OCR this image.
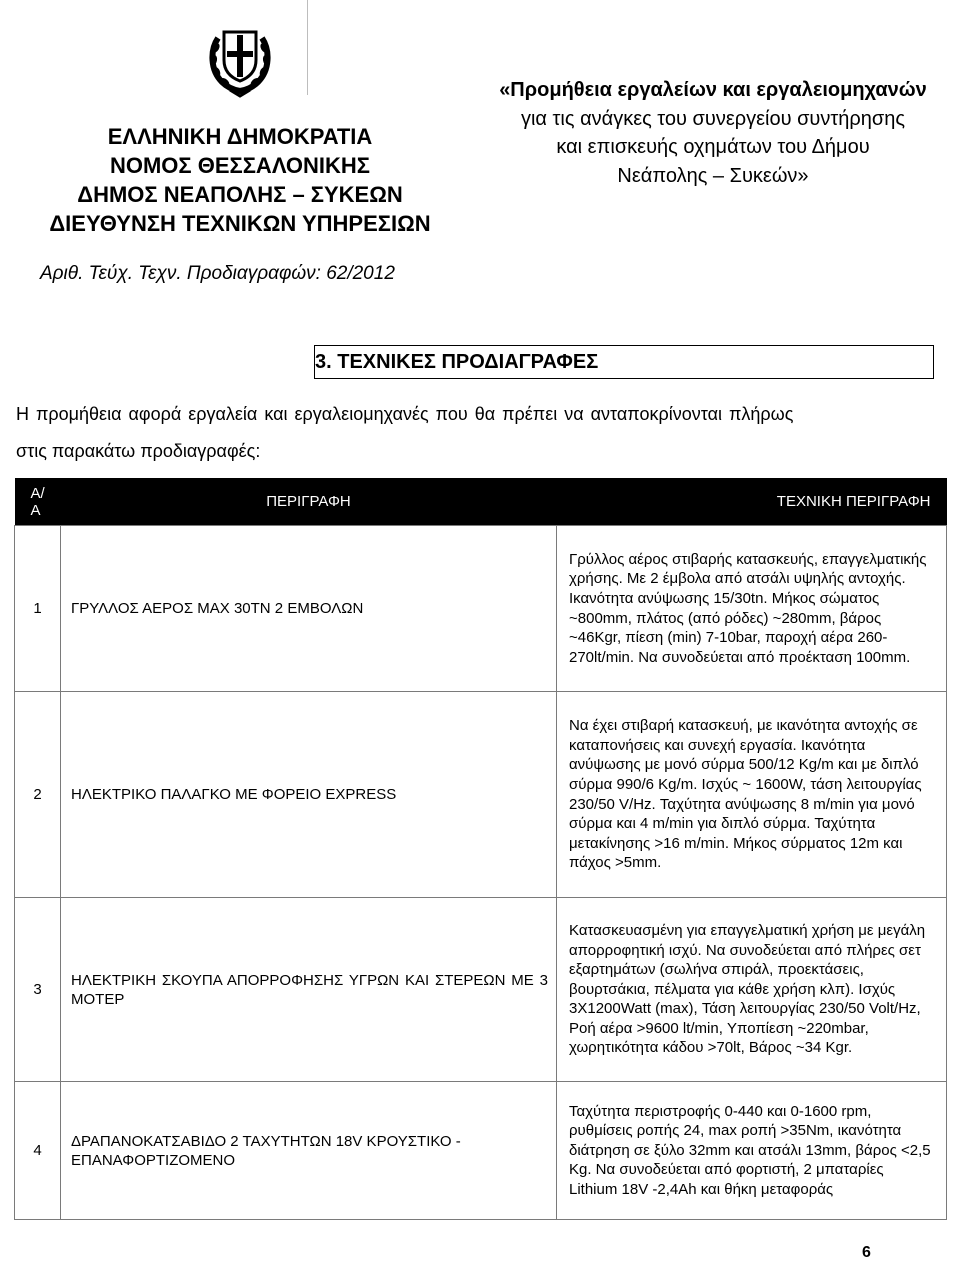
ΕΛΛΗΝΙΚΗ ΔΗΜΟΚΡΑΤΙΑ
ΝΟΜΟΣ ΘΕΣΣΑΛΟΝΙΚΗΣ
ΔΗΜΟΣ ΝΕΑΠΟΛΗΣ – ΣΥΚΕΩΝ
ΔΙΕΥΘΥΝΣΗ ΤΕΧΝΙΚΩΝ ΥΠΗΡΕΣΙΩΝ
«Προμήθεια εργαλείων και εργαλειομηχανών
για τις ανάγκες του συνεργείου συντήρησης
και επισκευής οχημάτων του Δήμου
Νεάπολης – Συκεών»
Αριθ. Τεύχ. Τεχν. Προδιαγραφών: 62/2012
3. ΤΕΧΝΙΚΕΣ ΠΡΟΔΙΑΓΡΑΦΕΣ
Η προμήθεια αφορά εργαλεία και εργαλειομηχανές που θα πρέπει να ανταποκρίνονται πλήρως
στις παρακάτω προδιαγραφές:
Α/Α	ΠΕΡΙΓΡΑΦΗ	ΤΕΧΝΙΚΗ ΠΕΡΙΓΡΑΦΗ
1	ΓΡΥΛΛΟΣ ΑΕΡΟΣ MAX 30TN 2 ΕΜΒΟΛΩΝ	Γρύλλος αέρος στιβαρής κατασκευής, επαγγελματικής χρήσης. Με 2 έμβολα από ατσάλι υψηλής αντοχής. Ικανότητα ανύψωσης 15/30tn. Μήκος σώματος ~800mm, πλάτος (από ρόδες) ~280mm, βάρος ~46Kgr, πίεση (min) 7-10bar, παροχή αέρα 260-270lt/min. Να συνοδεύεται από προέκταση 100mm.
2	ΗΛΕΚΤΡΙΚΟ ΠΑΛΑΓΚΟ ΜΕ ΦΟΡΕΙΟ EXPRESS	Να έχει στιβαρή κατασκευή, με ικανότητα αντοχής σε καταπονήσεις και συνεχή εργασία. Ικανότητα ανύψωσης με μονό σύρμα 500/12 Kg/m και με διπλό σύρμα 990/6 Kg/m. Ισχύς ~ 1600W, τάση λειτουργίας 230/50 V/Hz. Ταχύτητα ανύψωσης 8 m/min για μονό σύρμα και 4 m/min για διπλό σύρμα. Ταχύτητα μετακίνησης >16 m/min. Μήκος σύρματος 12m και πάχος >5mm.
3	ΗΛΕΚΤΡΙΚΗ ΣΚΟΥΠΑ ΑΠΟΡΡΟΦΗΣΗΣ ΥΓΡΩΝ ΚΑΙ ΣΤΕΡΕΩΝ ΜΕ 3 ΜΟΤΕΡ	Κατασκευασμένη για επαγγελματική χρήση με μεγάλη απορροφητική ισχύ. Να συνοδεύεται από πλήρες σετ εξαρτημάτων (σωλήνα σπιράλ, προεκτάσεις, βουρτσάκια, πέλματα για κάθε χρήση κλπ). Ισχύς 3Χ1200Watt (max), Τάση λειτουργίας 230/50 Volt/Hz, Ροή αέρα >9600 lt/min, Υποπίεση ~220mbar, χωρητικότητα κάδου >70lt, Βάρος ~34 Kgr.
4	ΔΡΑΠΑΝΟΚΑΤΣΑΒΙΔΟ 2 ΤΑΧΥΤΗΤΩΝ 18V ΚΡΟΥΣΤΙΚΟ - ΕΠΑΝΑΦΟΡΤΙΖΟΜΕΝΟ	Ταχύτητα περιστροφής 0-440 και 0-1600 rpm, ρυθμίσεις ροπής 24, max ροπή >35Nm, ικανότητα διάτρηση σε ξύλο 32mm και ατσάλι 13mm, βάρος <2,5 Kg. Να συνοδεύεται από φορτιστή, 2 μπαταρίες Lithium 18V -2,4Ah και θήκη μεταφοράς
6
